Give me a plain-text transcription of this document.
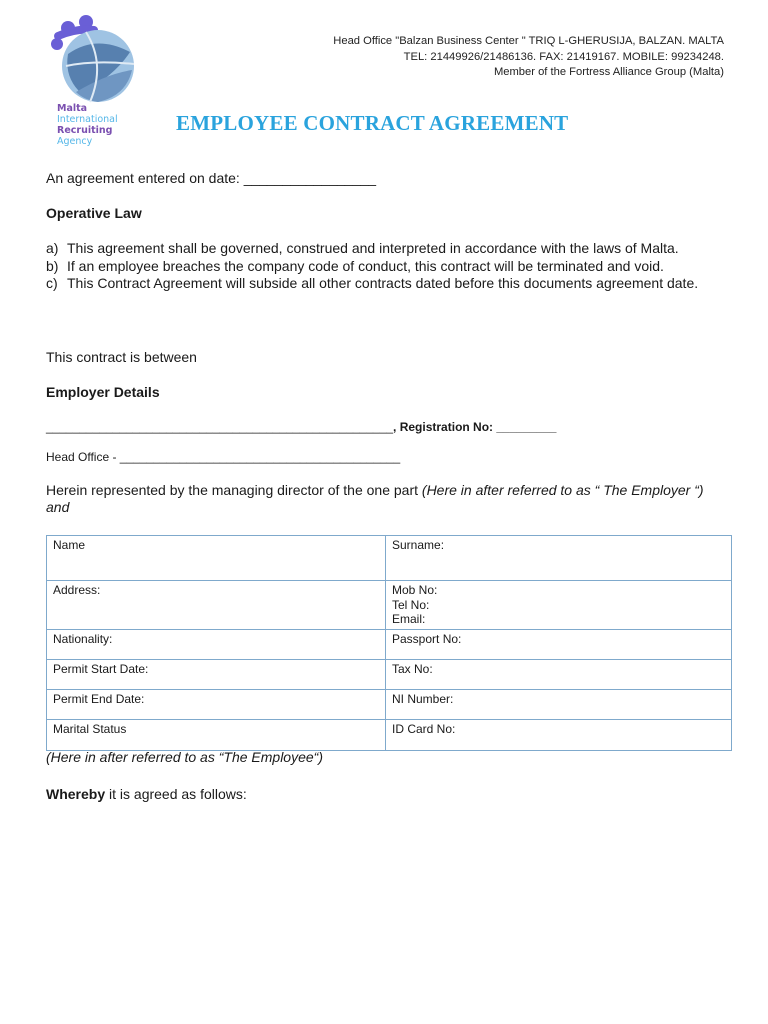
Malta International
Recruiting Agency
Head Office "Balzan Business Center " TRIQ L-GHERUSIJA, BALZAN. MALTA
TEL: 21449926/21486136. FAX: 21419167. MOBILE: 99234248.
Member of the Fortress Alliance Group (Malta)
EMPLOYEE CONTRACT AGREEMENT
An agreement entered on date: _________________
Operative Law
a) This agreement shall be governed, construed and interpreted in accordance with the laws of Malta.
b) If an employee breaches the company code of conduct, this contract will be terminated and void.
c) This Contract Agreement will subside all other contracts dated before this documents agreement date.
This contract is between
Employer Details
____________________________________________________, Registration No: _________
Head Office - __________________________________________
Herein represented by the managing director of the one part (Here in after referred to as “ The Employer “) and
Name	Surname:
Address:	Mob No:
Tel No:
Email:
Nationality:	Passport No:
Permit Start Date:	Tax No:
Permit End Date:	NI Number:
Marital Status	ID Card No:
(Here in after referred to as “The Employee“)
Whereby it is agreed as follows:
